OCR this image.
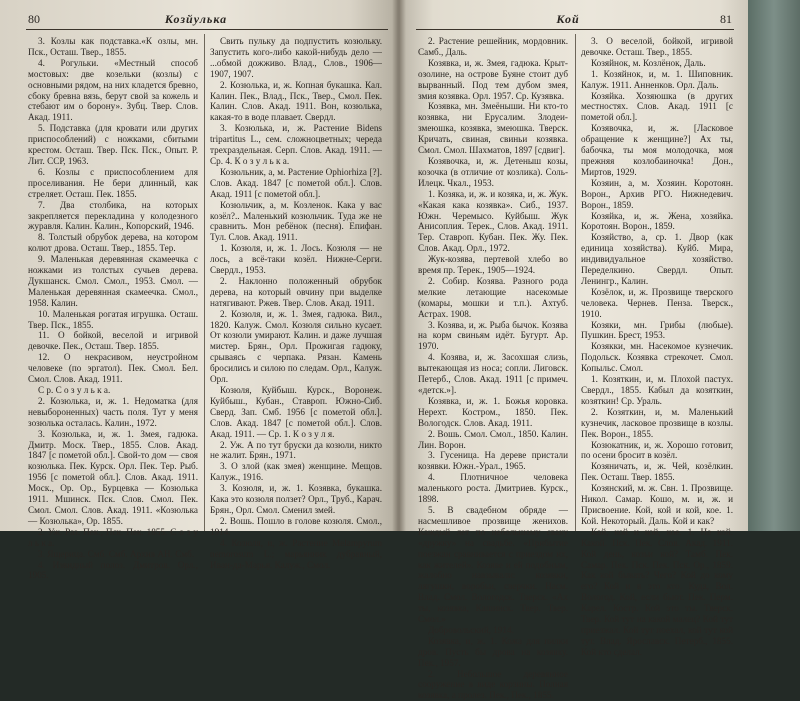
80	Козйулька

3. Козлы как подставка.«К озлы, мн. Пск., Осташ. Твер., 1855.

4. Рогульки. «Местный способ мостовых: две козельки (козлы) с основными рядом, на них кладется бревно, сбоку бревна вязь, берут свой за кожель и стебают им о борону». Зубц. Твер. Слов. Акад. 1911.

5. Подставка (для кровати или других приспособлений) с ножками, сбитыми крестом. Осташ. Твер. Пск. Пск., Опыт. Р. Лит. ССР, 1963.

6. Козлы с приспособлением для проселивания. Не бери длинный, как стреляет. Осташ. Пек. 1855.

7. Два столбика, на которых закрепляется перекладина у колодезного журавля. Калин. Калин., Копорский, 1946.

8. Толстый обрубок дерева, на котором колют дрова. Осташ. Твер., 1855. Тер.

9. Маленькая деревянная скамеечка с ножками из толстых сучьев дерева. Дукшанск. Смол. Смол., 1953. Смол. — Маленькая деревянная скамеечка. Смол., 1958. Калин.

10. Маленькая рогатая игрушка. Осташ. Твер. Пск., 1855.

11. О бойкой, веселой и игривой девочке. Пек., Осташ. Твер. 1855.

12. О некрасивом, неустройном человеке (по эргатол). Пек. Смол. Бел. Смол. Слов. Акад. 1911.

С р. С о з у л ь к а.

2. Козюлька, и, ж. 1. Недоматка (для невыбороненных) часть поля. Тут у меня зозюлька осталась. Калин., 1972.

3. Козюлька, и, ж. 1. Змея, гадюка. Дмитр. Моск. Твер., 1855. Слов. Акад. 1847 [с пометой обл.]. Свой-то дом — своя козюлька. Пек. Курск. Орл. Пек. Тер. Рыб. 1956 [с пометой обл.]. Слов. Акад. 1911. Моск., Ор. Ор., Бурцевка — Козюлька 1911. Мшинск. Пск. Слов. Смол. Пек. Смол. Смол. Слов. Акад. 1911. «Козюлька — Козюлька», Ор. 1855.

2. Уж. Раз. Пек., Пск. Пек. 1855. С о з у л ь к а.

3. Ящерица. Смб. Смб. Архив АН. Смб.

4. Извидный полоз. Дмитров. Орл., 1905.

Свить пульку да подпустить козюльку. Запустить кого-либо какой-нибудь дело — ...обмой дожживо. Влад., Слов., 1906—1907, 1907.

2. Козюлька, и, ж. Копная букашка. Кал. Калин. Пек., Влад., Пск., Твер., Смол. Пек. Калин. Слов. Акад. 1911. Вон, козюлька, какая-то в воде плавает. Свердл.

3. Козюлька, и, ж. Растение Bidens tripartitus L., сем. сложноцветных; череда трехраздельная. Серп. Слов. Акад. 1911. — Ср. 4. К о з у л ь к а.

Козюльник, а, м. Растение Ophiorhiza [?]. Слов. Акад. 1847 [с пометой обл.]. Слов. Акад. 1911 [с пометой обл.].

Козюльчик, а, м. Козленок. Кака у вас козёл?.. Маленький козюльчик. Туда же не сравнить. Мон ребёнок (песня). Епифан. Тул. Слов. Акад. 1911.

1. Козюля, и, ж. 1. Лось. Козюля — не лось, а всё-таки козёл. Нижне-Серги. Свердл., 1953.

2. Наклонно положенный обрубок дерева, на который овчину при выделке натягивают. Ржев. Твер. Слов. Акад. 1911.

2. Козюля, и, ж. 1. Змея, гадюка. Вил., 1820. Калуж. Смол. Козюля сильно кусает. От козюли умирают. Калин. и даже лучшая мистер. Брян., Орл. Прожигая гадюку, срываясь с черпака. Рязан. Камень бросились и силою по следам. Орл., Калуж. Орл.

Козюля, Куйбыш. Курск., Воронеж. Куйбыш., Кубан., Ставроп. Южно-Сиб. Сверд. Зап. Смб. 1956 [с пометой обл.]. Слов. Акад. 1847 [с пометой обл.]. Слов. Акад. 1911. — Ср. 1. К о з у л я.

2. Уж. А по тут бруски да козюли, никто не жалит. Брян., 1971.

3. О злой (как змея) женщине. Мещов. Калуж., 1916.

3. Козюля, и, ж. 1. Козявка, букашка. Кака это козюля ползет? Орл., Труб., Карач. Брян., Орл. Смол. Сменил змей.

2. Вошь. Пошло в голове козюля. Смол., 1914.

4. Козюля, и, ж. Растение Melampyrum nemorosum L.; марьянник дубравный, Иван-да-Марья. Калуж., Смол.

Кой	81

2. Растение решейник, мордовник. Самб., Даль.

Козявка, и, ж. Змея, гадюка. Крыт-озолине, на острове Буяне стоит дуб вырванный. Под тем дубом змея, змия козявка. Орл. 1957. Ср. Кузявка.

Козявка, мн. Змеёныши. Ни кто-то козявка, ни Ерусалим. Злодеи-змеюшка, козявка, змеюшка. Тверск. Кричать, свиная, свиньи козявка. Смол. Смол. Шахматов, 1897 [сдвиг].

Козявочка, и, ж. Детеныш козы, козочка (в отличие от козлика). Соль-Илецк. Чкал., 1953.

1. Козяка, и, ж. и козяка, и, ж. Жук. «Какая кака козявка». Сиб., 1937. Южн. Черемысо. Куйбыш. Жук Анисоплия. Терек., Слов. Акад. 1911. Тер. Ставроп. Кубан. Пек. Жу. Пек. Слов. Акад. Орл., 1972.

Жук-козява, пертевой хлебо во время пр. Терек., 1905—1924.

2. Собир. Козява. Разного рода мелкие летающие насекомые (комары, мошки и т.п.). Ахтуб. Астрах. 1908.

3. Козява, и, ж. Рыба бычок. Козява на корм свиньям идёт. Бугурт. Ар. 1970.

4. Козява, и, ж. Засохшая слизь, вытекающая из носа; сопли. Лиговск. Петерб., Слов. Акад. 1911 [с примеч. «детск.»].

Козявка, и, ж. 1. Божья коровка. Нерехт. Костром., 1850. Пек. Вологодск. Слов. Акад. 1911.

2. Вошь. Смол. Смол., 1850. Калин. Лин. Ворон.

3. Гусеница. На дереве пристали козявки. Южн.-Урал., 1965.

4. Плотничное человека маленького роста. Дмитриев. Курск., 1898.

5. В свадебном обряде — насмешливое прозвище женихов. Каждый лет по небольшому сваху «дружку» на свадьбе. «Прибытие поезжан сравнивается с приездом их, как жителей». Козяве и ей подобным, жалобно навзывали: козявки, лягушки, воробьи, сверчки. Насм. Влад. Смол. Вологодск. Тверск. «Ах ты, козявка, Кашинск. Твер. Твер. Смол.»

Добровольский, 1914.

Козявка, и, ж. 1. Кожа для пилки дров. Пусть бы дрова на козявку. Пек., 1957.

2. Небольшое деревянное сооружение в виде корзины. Полная козявка, а пролез. Пек., Пек., 1855.

3. О веселой, бойкой, игривой девочке. Осташ. Твер., 1855.

Козяйнок, м. Козлёнок, Даль.

1. Козяйнок, и, м. 1. Шиповник. Калуж. 1911. Анненков. Орл. Даль.

Козяйка. Хозяюшка (в других местностях. Слов. Акад. 1911 [с пометой обл.].

Козявочка, и, ж. [Ласковое обращение к женщине?] Ах ты, бабочка, ты моя молодочка, моя прежняя козлобаиночка! Дон., Миртов, 1929.

Козяин, а, м. Хозяин. Коротоян. Ворон., Архив РГО. Нижнедевич. Ворон., 1859.

Козяйка, и, ж. Жена, хозяйка. Коротоян. Ворон., 1859.

Козяйство, а, ср. 1. Двор (как единица хозяйства). Куйб. Мира, индивидуальное хозяйство. Переделкино. Свердл. Опыт. Ленингр., Калин.

Козёлок, и, ж. Прозвище тверского человека. Чернев. Пенза. Тверск., 1910.

Козяки, мн. Грибы (любые). Пушкин. Брест, 1953.

Козякки, мн. Насекомое кузнечик. Подольск. Козявка стрекочет. Смол. Копыльс. Смол.

1. Козяткин, и, м. Плохой пастух. Свердл., 1855. Кабыл да козяткин, козяткин! Ср. Ураль.

2. Козяткин, и, м. Маленький кузнечик, ласковое прозвище в козлы. Пек. Ворон., 1855.

Козюкатник, и, ж. Хорошо готовит, по осени бросит в козёл.

Козяничать, и, ж. Чей, козёлкин. Пек. Осташ. Твер. 1855.

Козянский, м. ж. Свн. 1. Прозвище. Никол. Самар. Кошо, м. и, ж. и Присвоение. Кой, кой и кой, кое. 1. Кой. Некоторый. Даль. Кой и как?

Кой, кой и кой, кое. 1. Не кой. Какой. Пск. Пек. Слов. Акад. 1911. Кой день, козьи кой? Тамб. Пек. Самар. Пек. Пск. Пек. Пск. Ор., 1859. Как кой бывать? Чего? Кой до кому его? Кой и в это кто. Куда, Вол. Вологод. Кой, если бьют. Пек. Перм. Карел. Костр. Кой это ты. Тверск. Твер. Кой тут на какой малец? Кой тут приезжал. Кой тут поехал, кой тут кой тут. Влад. Ярославск. Петерб., 1855. Кой кто сделал.
